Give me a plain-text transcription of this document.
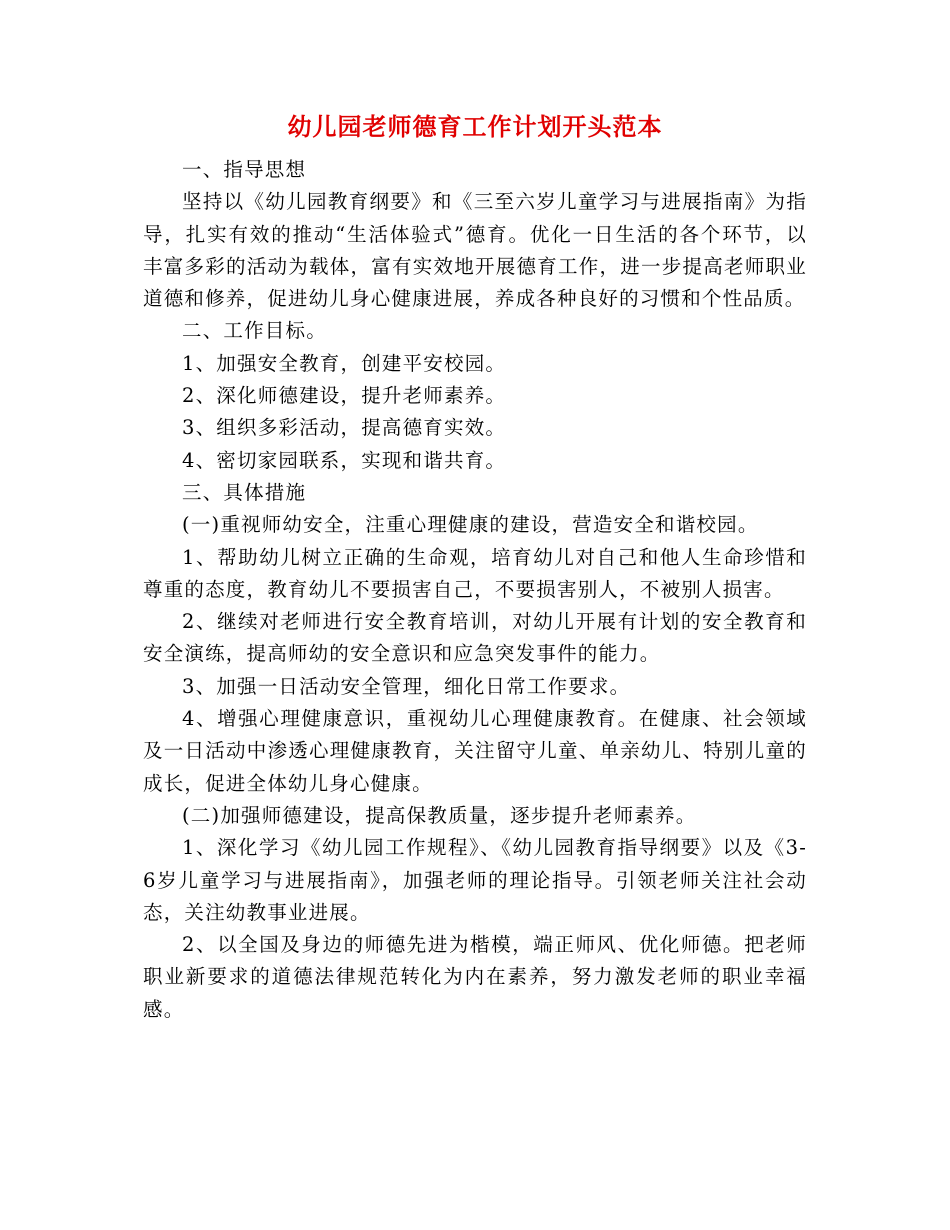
幼儿园老师德育工作计划开头范本

一、指导思想

坚持以《幼儿园教育纲要》和《三至六岁儿童学习与进展指南》为指导，扎实有效的推动“生活体验式”德育。优化一日生活的各个环节，以丰富多彩的活动为载体，富有实效地开展德育工作，进一步提高老师职业道德和修养，促进幼儿身心健康进展，养成各种良好的习惯和个性品质。

二、工作目标。

1、加强安全教育，创建平安校园。

2、深化师德建设，提升老师素养。

3、组织多彩活动，提高德育实效。

4、密切家园联系，实现和谐共育。

三、具体措施

(一)重视师幼安全，注重心理健康的建设，营造安全和谐校园。

1、帮助幼儿树立正确的生命观，培育幼儿对自己和他人生命珍惜和尊重的态度，教育幼儿不要损害自己，不要损害别人，不被别人损害。

2、继续对老师进行安全教育培训，对幼儿开展有计划的安全教育和安全演练，提高师幼的安全意识和应急突发事件的能力。

3、加强一日活动安全管理，细化日常工作要求。

4、增强心理健康意识，重视幼儿心理健康教育。在健康、社会领域及一日活动中渗透心理健康教育，关注留守儿童、单亲幼儿、特别儿童的成长，促进全体幼儿身心健康。

(二)加强师德建设，提高保教质量，逐步提升老师素养。

1、深化学习《幼儿园工作规程》、《幼儿园教育指导纲要》以及《3-6岁儿童学习与进展指南》，加强老师的理论指导。引领老师关注社会动态，关注幼教事业进展。

2、以全国及身边的师德先进为楷模，端正师风、优化师德。把老师职业新要求的道德法律规范转化为内在素养，努力激发老师的职业幸福感。
